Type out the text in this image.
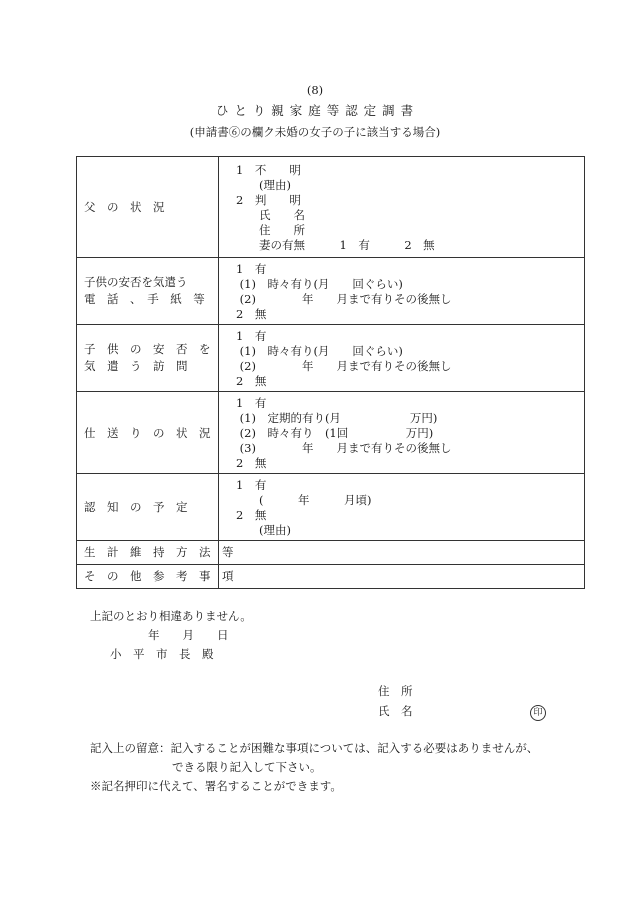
(8)
ひ と り 親 家 庭 等 認 定 調 書
(申請書⑥の欄ク未婚の女子の子に該当する場合)
父　の　状　況
1　不　　明
　　(理由)
2　判　　明
　　氏　　名
　　住　　所
　　妻の有無　　　1　有　　　2　無
子供の安否を気遣う
電　話　、　手　紙　等
1　有
(1)　時々有り(月　　回ぐらい)
(2)　　　　年　　月まで有りその後無し
2　無
子　供　の　安　否　を
気　遣　う　訪　問
1　有
(1)　時々有り(月　　回ぐらい)
(2)　　　　年　　月まで有りその後無し
2　無
仕　送　り　の　状　況
1　有
(1)　定期的有り(月　　　　　　万円)
(2)　時々有り　(1回　　　　　万円)
(3)　　　　年　　月まで有りその後無し
2　無
認　知　の　予　定
1　有
　　(　　　年　　　月頃)
2　無
　　(理由)
生　計　維　持　方　法　等
そ　の　他　参　考　事　項
上記のとおり相違ありません。
年　　月　　日
小　平　市　長　殿
住　所
氏　名	印
記入上の留意：記入することが困難な事項については、記入する必要はありませんが、
できる限り記入して下さい。
※記名押印に代えて、署名することができます。
